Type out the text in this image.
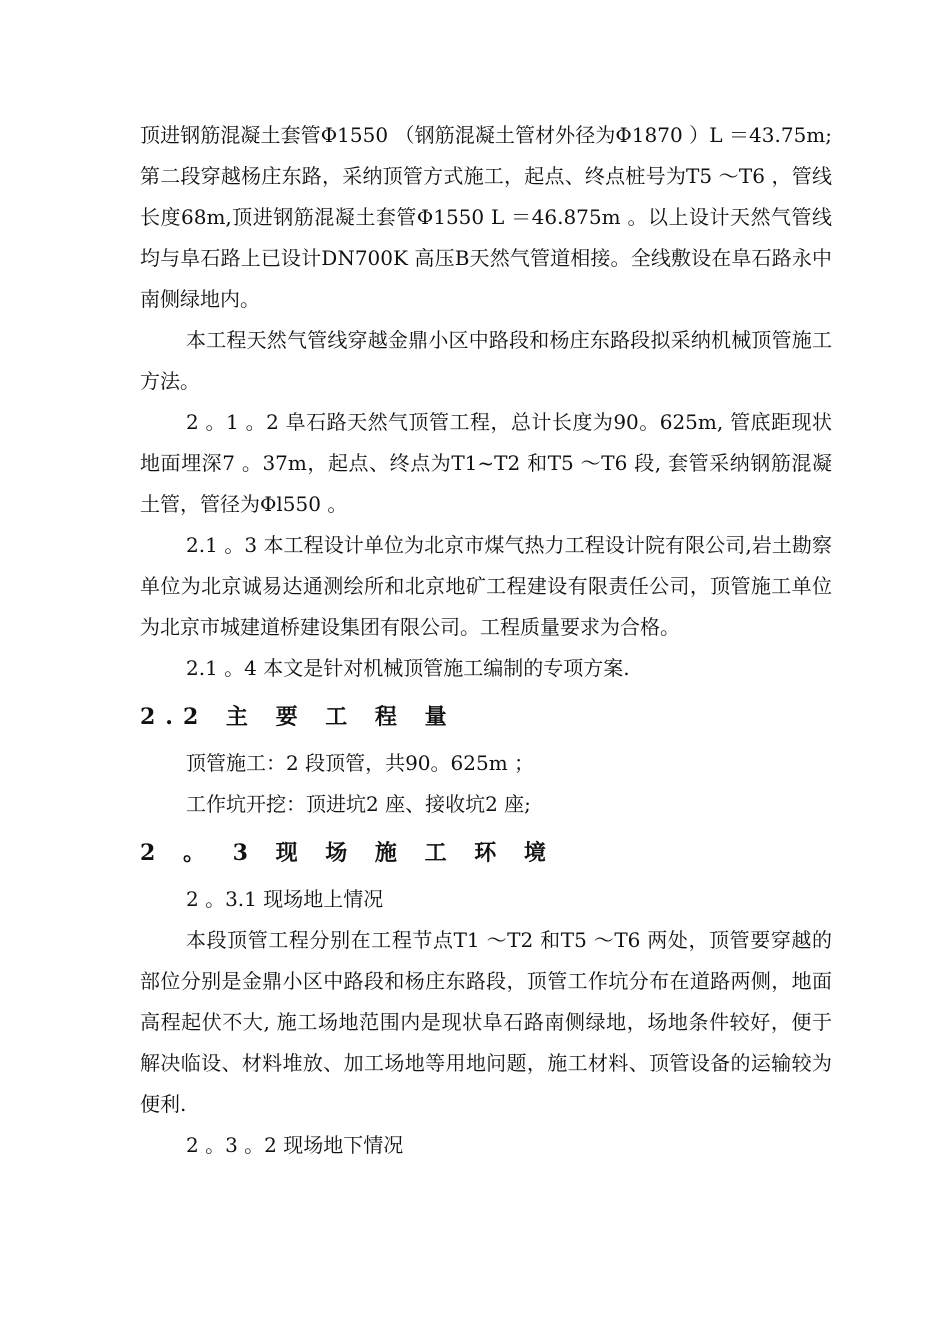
顶进钢筋混凝土套管Φ1550 （钢筋混凝土管材外径为Φ1870 ）L ＝43.75m; 第二段穿越杨庄东路，采纳顶管方式施工，起点、终点桩号为T5 ～T6 ，管线长度68m,顶进钢筋混凝土套管Φ1550 L ＝46.875m 。以上设计天然气管线均与阜石路上已设计DN700K 高压B天然气管道相接。全线敷设在阜石路永中南侧绿地内。

本工程天然气管线穿越金鼎小区中路段和杨庄东路段拟采纳机械顶管施工方法。

2 。1 。2 阜石路天然气顶管工程，总计长度为90。625m, 管底距现状地面埋深7 。37m，起点、终点为T1~T2 和T5 ～T6 段, 套管采纳钢筋混凝土管，管径为Φl550 。

2.1 。3 本工程设计单位为北京市煤气热力工程设计院有限公司,岩土勘察单位为北京诚易达通测绘所和北京地矿工程建设有限责任公司，顶管施工单位为北京市城建道桥建设集团有限公司。工程质量要求为合格。

2.1 。4 本文是针对机械顶管施工编制的专项方案.

2.2 主 要 工 程 量

顶管施工：2 段顶管，共90。625m ；

工作坑开挖：顶进坑2 座、接收坑2 座;

2 。 3 现 场 施 工 环 境

2 。3.1 现场地上情况

本段顶管工程分别在工程节点T1 ～T2 和T5 ～T6 两处，顶管要穿越的部位分别是金鼎小区中路段和杨庄东路段，顶管工作坑分布在道路两侧，地面高程起伏不大, 施工场地范围内是现状阜石路南侧绿地，场地条件较好，便于解决临设、材料堆放、加工场地等用地问题，施工材料、顶管设备的运输较为便利.

2 。3 。2 现场地下情况
